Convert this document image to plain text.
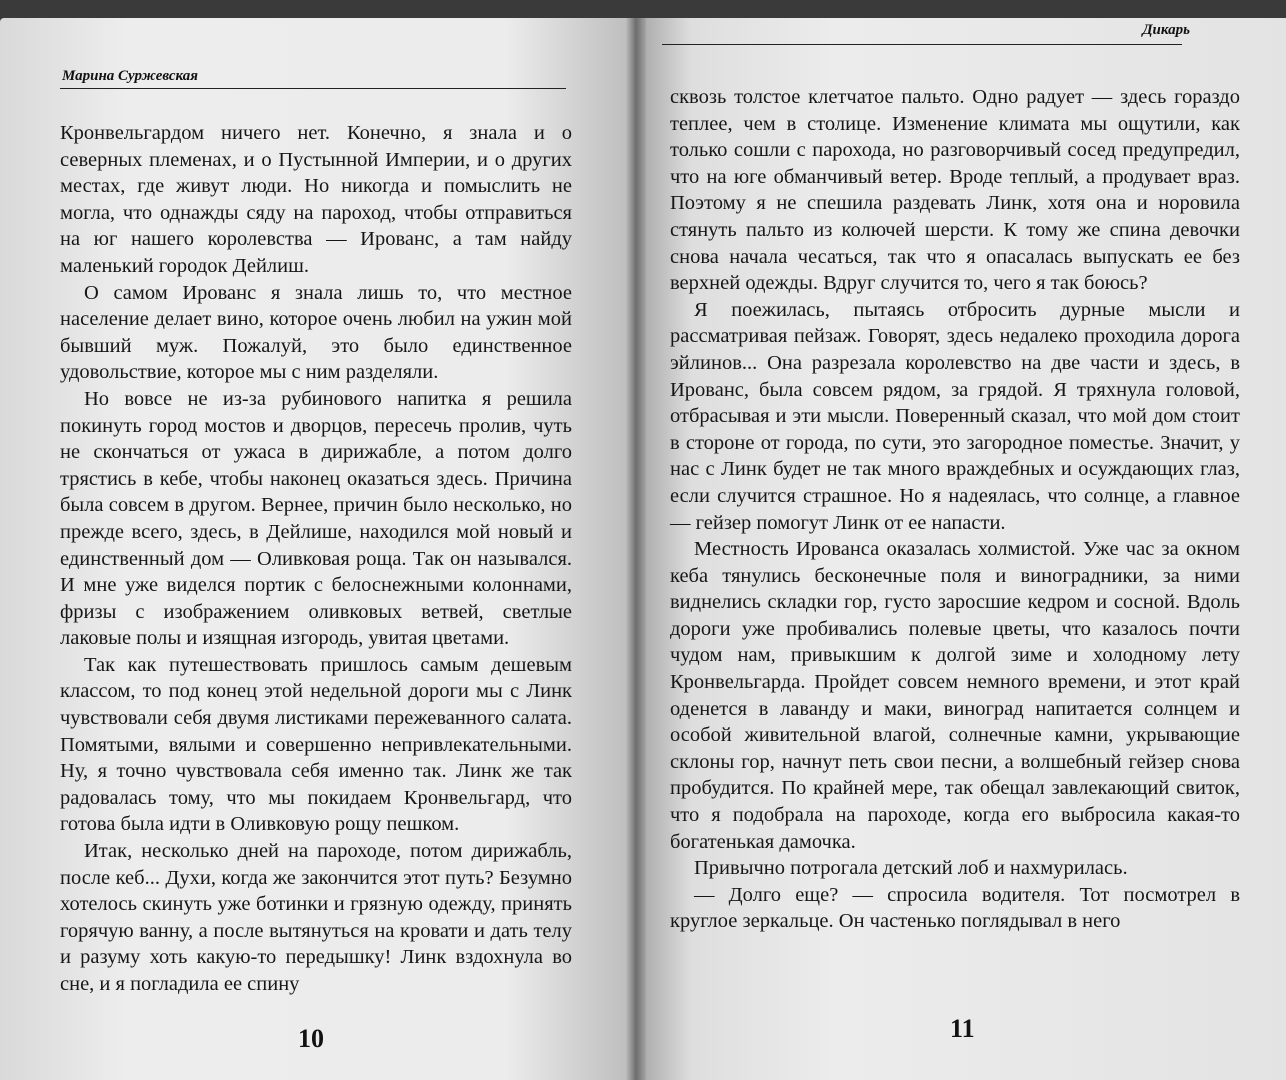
Марина Суржевская

Кронвельгардом ничего нет. Конечно, я знала и о северных племенах, и о Пустынной Империи, и о других местах, где живут люди. Но никогда и помыслить не могла, что однажды сяду на пароход, чтобы отправиться на юг нашего королевства — Ированс, а там найду маленький городок Дейлиш.

О самом Ированс я знала лишь то, что местное население делает вино, которое очень любил на ужин мой бывший муж. Пожалуй, это было единственное удовольствие, которое мы с ним разделяли.

Но вовсе не из-за рубинового напитка я решила покинуть город мостов и дворцов, пересечь пролив, чуть не скончаться от ужаса в дирижабле, а потом долго трястись в кебе, чтобы наконец оказаться здесь. Причина была совсем в другом. Вернее, причин было несколько, но прежде всего, здесь, в Дейлише, находился мой новый и единственный дом — Оливковая роща. Так он назывался. И мне уже виделся портик с белоснежными колоннами, фризы с изображением оливковых ветвей, светлые лаковые полы и изящная изгородь, увитая цветами.

Так как путешествовать пришлось самым дешевым классом, то под конец этой недельной дороги мы с Линк чувствовали себя двумя листиками пережеванного салата. Помятыми, вялыми и совершенно непривлекательными. Ну, я точно чувствовала себя именно так. Линк же так радовалась тому, что мы покидаем Кронвельгард, что готова была идти в Оливковую рощу пешком.

Итак, несколько дней на пароходе, потом дирижабль, после кеб... Духи, когда же закончится этот путь? Безумно хотелось скинуть уже ботинки и грязную одежду, принять горячую ванну, а после вытянуться на кровати и дать телу и разуму хоть какую-то передышку! Линк вздохнула во сне, и я погладила ее спину

10
Дикарь

сквозь толстое клетчатое пальто. Одно радует — здесь гораздо теплее, чем в столице. Изменение климата мы ощутили, как только сошли с парохода, но разговорчивый сосед предупредил, что на юге обманчивый ветер. Вроде теплый, а продувает враз. Поэтому я не спешила раздевать Линк, хотя она и норовила стянуть пальто из колючей шерсти. К тому же спина девочки снова начала чесаться, так что я опасалась выпускать ее без верхней одежды. Вдруг случится то, чего я так боюсь?

Я поежилась, пытаясь отбросить дурные мысли и рассматривая пейзаж. Говорят, здесь недалеко проходила дорога эйлинов... Она разрезала королевство на две части и здесь, в Ированс, была совсем рядом, за грядой. Я тряхнула головой, отбрасывая и эти мысли. Поверенный сказал, что мой дом стоит в стороне от города, по сути, это загородное поместье. Значит, у нас с Линк будет не так много враждебных и осуждающих глаз, если случится страшное. Но я надеялась, что солнце, а главное — гейзер помогут Линк от ее напасти.

Местность Ированса оказалась холмистой. Уже час за окном кеба тянулись бесконечные поля и виноградники, за ними виднелись складки гор, густо заросшие кедром и сосной. Вдоль дороги уже пробивались полевые цветы, что казалось почти чудом нам, привыкшим к долгой зиме и холодному лету Кронвельгарда. Пройдет совсем немного времени, и этот край оденется в лаванду и маки, виноград напитается солнцем и особой живительной влагой, солнечные камни, укрывающие склоны гор, начнут петь свои песни, а волшебный гейзер снова пробудится. По крайней мере, так обещал завлекающий свиток, что я подобрала на пароходе, когда его выбросила какая-то богатенькая дамочка.

Привычно потрогала детский лоб и нахмурилась.

— Долго еще? — спросила водителя. Тот посмотрел в круглое зеркальце. Он частенько поглядывал в него

11
